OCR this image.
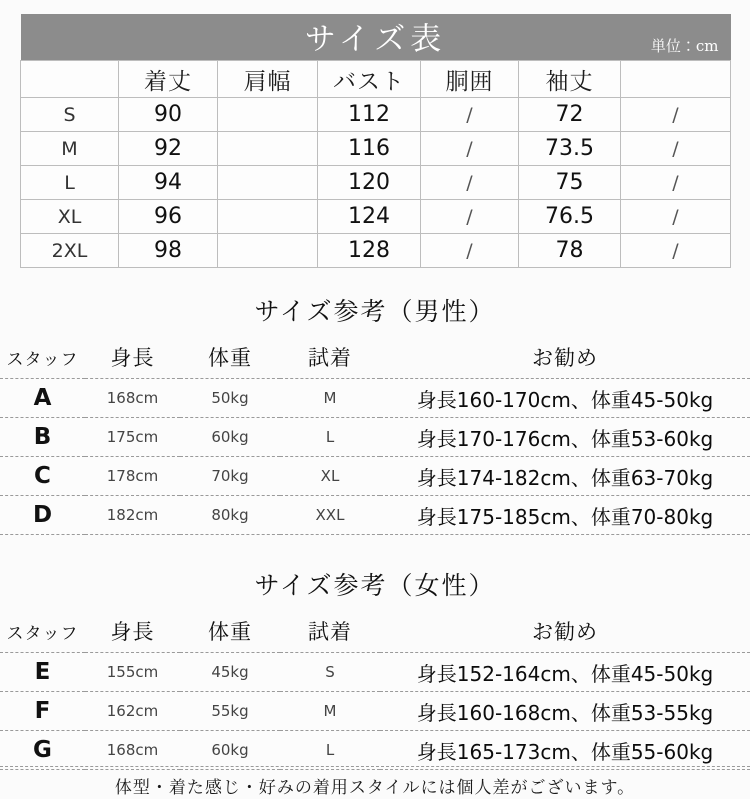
サイズ表 単位：cm						

	着丈	肩幅	バスト	胴囲	袖丈	
S	90		112	/	72	/
M	92		116	/	73.5	/
L	94		120	/	75	/
XL	96		124	/	76.5	/
2XL	98		128	/	78	/
サイズ参考（男性）
スタッフ	身長	体重	試着	お勧め
A	168cm	50kg	M	身長160-170cm、体重45-50kg
B	175cm	60kg	L	身長170-176cm、体重53-60kg
C	178cm	70kg	XL	身長174-182cm、体重63-70kg
D	182cm	80kg	XXL	身長175-185cm、体重70-80kg
サイズ参考（女性）
スタッフ	身長	体重	試着	お勧め
E	155cm	45kg	S	身長152-164cm、体重45-50kg
F	162cm	55kg	M	身長160-168cm、体重53-55kg
G	168cm	60kg	L	身長165-173cm、体重55-60kg
体型・着た感じ・好みの着用スタイルには個人差がございます。
